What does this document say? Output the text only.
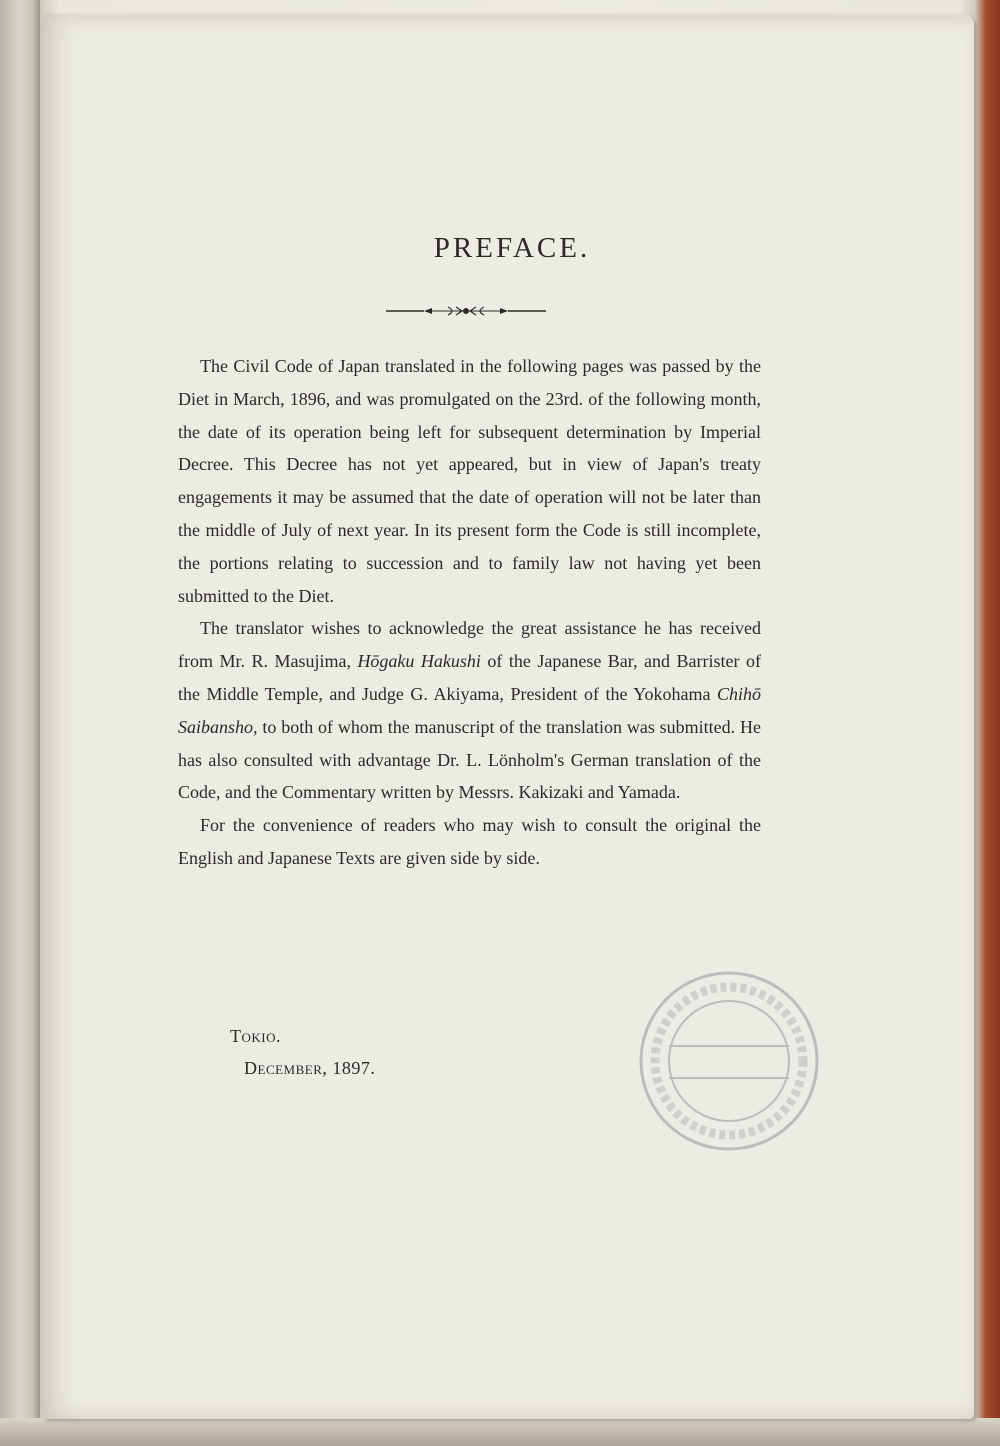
PREFACE.

The Civil Code of Japan translated in the following pages was passed by the Diet in March, 1896, and was promulgated on the 23rd. of the following month, the date of its operation being left for subsequent determination by Imperial Decree. This Decree has not yet appeared, but in view of Japan's treaty engagements it may be assumed that the date of operation will not be later than the middle of July of next year. In its present form the Code is still incomplete, the portions relating to succession and to family law not having yet been submitted to the Diet.

The translator wishes to acknowledge the great assistance he has received from Mr. R. Masujima, Hōgaku Hakushi of the Japanese Bar, and Barrister of the Middle Temple, and Judge G. Akiyama, President of the Yokohama Chihō Saibansho, to both of whom the manuscript of the translation was submitted. He has also consulted with advantage Dr. L. Lönholm's German translation of the Code, and the Commentary written by Messrs. Kakizaki and Yamada.

For the convenience of readers who may wish to consult the original the English and Japanese Texts are given side by side.

Tokio.
December, 1897.
